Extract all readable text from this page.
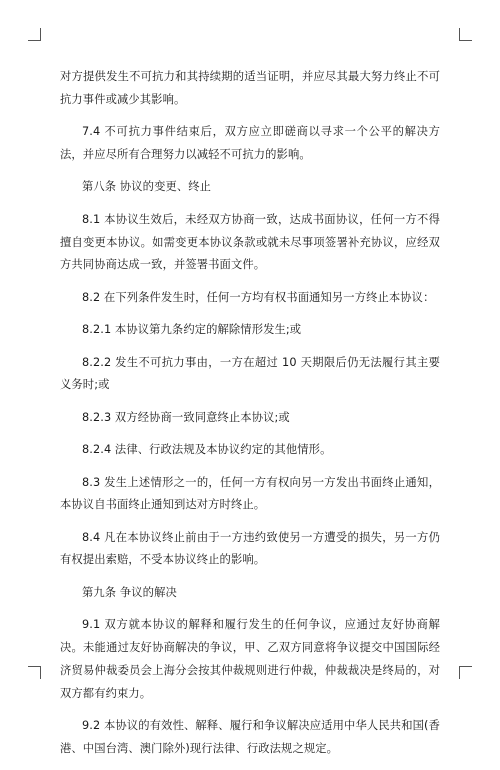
对方提供发生不可抗力和其持续期的适当证明，并应尽其最大努力终止不可抗力事件或减少其影响。

7.4 不可抗力事件结束后，双方应立即磋商以寻求一个公平的解决方法，并应尽所有合理努力以减轻不可抗力的影响。

第八条 协议的变更、终止

8.1 本协议生效后，未经双方协商一致，达成书面协议，任何一方不得擅自变更本协议。如需变更本协议条款或就未尽事项签署补充协议，应经双方共同协商达成一致，并签署书面文件。

8.2 在下列条件发生时，任何一方均有权书面通知另一方终止本协议：

8.2.1 本协议第九条约定的解除情形发生;或

8.2.2 发生不可抗力事由，一方在超过 10 天期限后仍无法履行其主要义务时;或

8.2.3 双方经协商一致同意终止本协议;或

8.2.4 法律、行政法规及本协议约定的其他情形。

8.3 发生上述情形之一的，任何一方有权向另一方发出书面终止通知，本协议自书面终止通知到达对方时终止。

8.4 凡在本协议终止前由于一方违约致使另一方遭受的损失，另一方仍有权提出索赔，不受本协议终止的影响。

第九条 争议的解决

9.1 双方就本协议的解释和履行发生的任何争议，应通过友好协商解决。未能通过友好协商解决的争议，甲、乙双方同意将争议提交中国国际经济贸易仲裁委员会上海分会按其仲裁规则进行仲裁，仲裁裁决是终局的，对双方都有约束力。

9.2 本协议的有效性、解释、履行和争议解决应适用中华人民共和国(香港、中国台湾、澳门除外)现行法律、行政法规之规定。
